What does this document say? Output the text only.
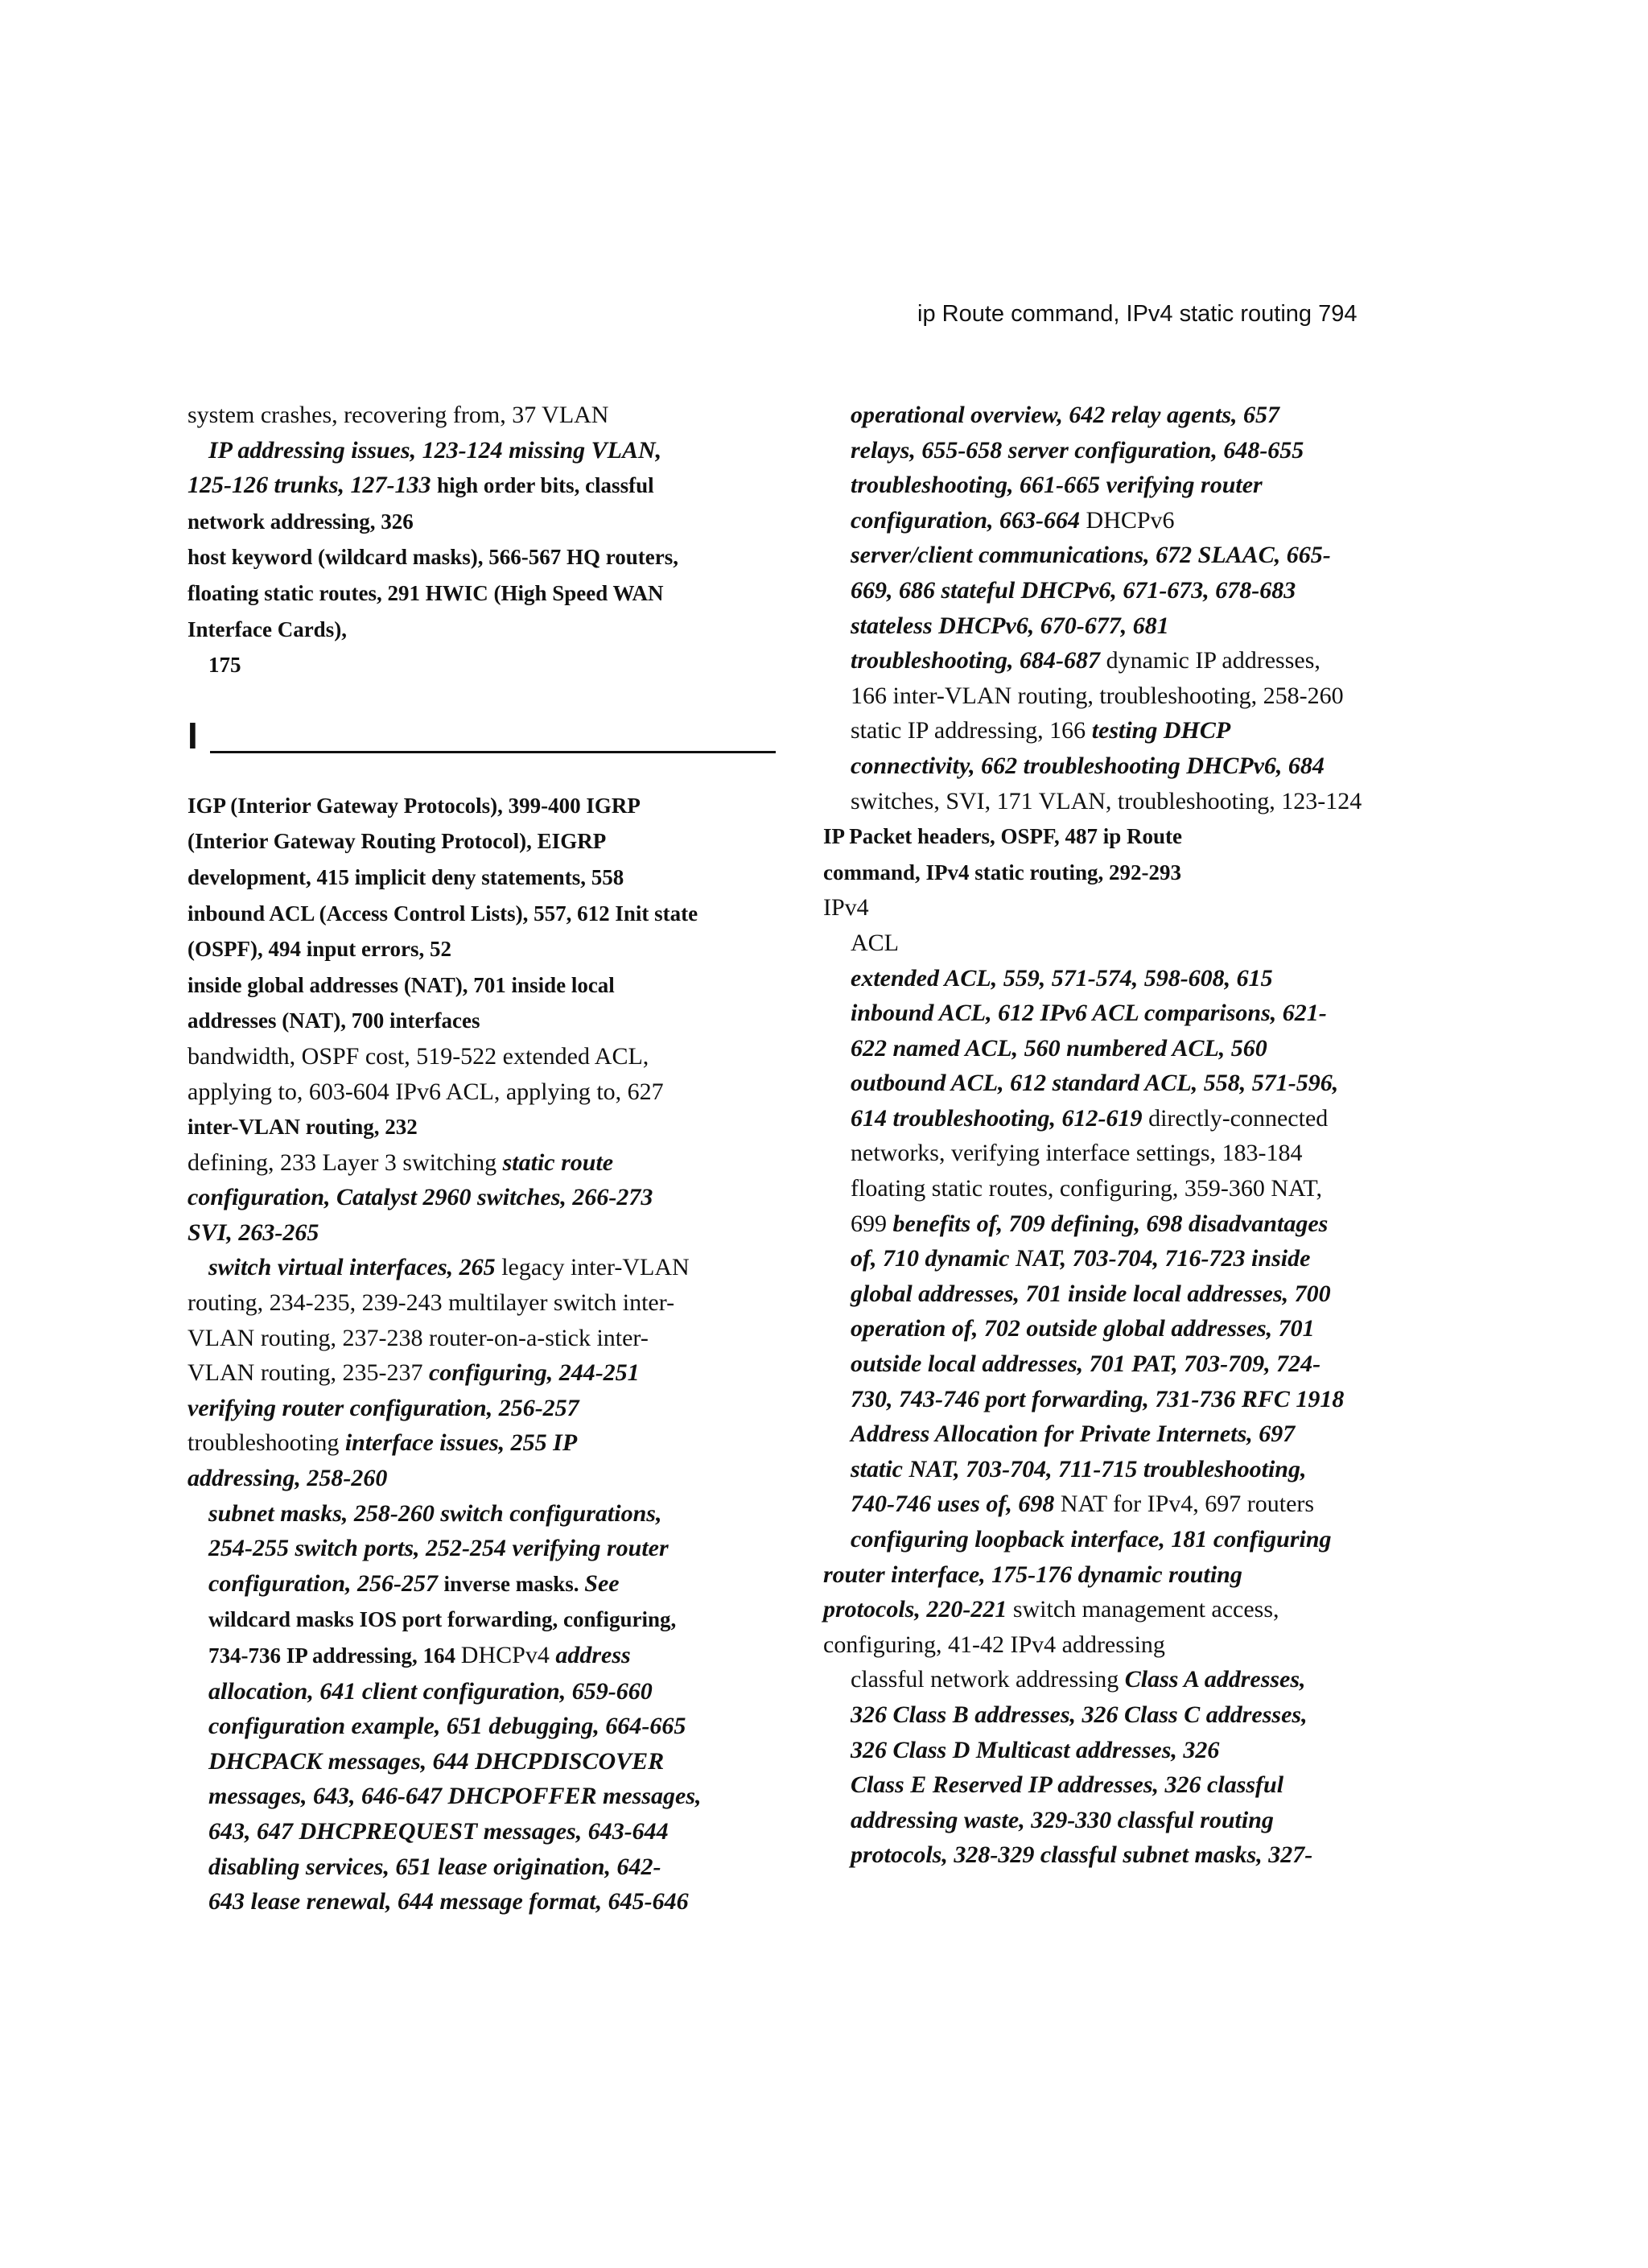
ip Route command, IPv4 static routing 794
system crashes, recovering from, 37 VLAN
IP addressing issues, 123-124 missing VLAN,
125-126 trunks, 127-133 high order bits, classful
network addressing, 326
host keyword (wildcard masks), 566-567 HQ routers,
floating static routes, 291 HWIC (High Speed WAN
Interface Cards),
175
I
IGP (Interior Gateway Protocols), 399-400 IGRP
(Interior Gateway Routing Protocol), EIGRP
development, 415 implicit deny statements, 558
inbound ACL (Access Control Lists), 557, 612 Init state
(OSPF), 494 input errors, 52
inside global addresses (NAT), 701 inside local
addresses (NAT), 700 interfaces
bandwidth, OSPF cost, 519-522 extended ACL,
applying to, 603-604 IPv6 ACL, applying to, 627
inter-VLAN routing, 232
defining, 233 Layer 3 switching static route
configuration, Catalyst 2960 switches, 266-273
SVI, 263-265
switch virtual interfaces, 265 legacy inter-VLAN
routing, 234-235, 239-243 multilayer switch inter-
VLAN routing, 237-238 router-on-a-stick inter-
VLAN routing, 235-237 configuring, 244-251
verifying router configuration, 256-257
troubleshooting interface issues, 255 IP
addressing, 258-260
subnet masks, 258-260 switch configurations,
254-255 switch ports, 252-254 verifying router
configuration, 256-257 inverse masks. See
wildcard masks IOS port forwarding, configuring,
734-736 IP addressing, 164 DHCPv4 address
allocation, 641 client configuration, 659-660
configuration example, 651 debugging, 664-665
DHCPACK messages, 644 DHCPDISCOVER
messages, 643, 646-647 DHCPOFFER messages,
643, 647 DHCPREQUEST messages, 643-644
disabling services, 651 lease origination, 642-
643 lease renewal, 644 message format, 645-646
operational overview, 642 relay agents, 657
relays, 655-658 server configuration, 648-655
troubleshooting, 661-665 verifying router
configuration, 663-664 DHCPv6
server/client communications, 672 SLAAC, 665-
669, 686 stateful DHCPv6, 671-673, 678-683
stateless DHCPv6, 670-677, 681
troubleshooting, 684-687 dynamic IP addresses,
166 inter-VLAN routing, troubleshooting, 258-260
static IP addressing, 166 testing DHCP
connectivity, 662 troubleshooting DHCPv6, 684
switches, SVI, 171 VLAN, troubleshooting, 123-124
IP Packet headers, OSPF, 487 ip Route
command, IPv4 static routing, 292-293
IPv4
ACL
extended ACL, 559, 571-574, 598-608, 615
inbound ACL, 612 IPv6 ACL comparisons, 621-
622 named ACL, 560 numbered ACL, 560
outbound ACL, 612 standard ACL, 558, 571-596,
614 troubleshooting, 612-619 directly-connected
networks, verifying interface settings, 183-184
floating static routes, configuring, 359-360 NAT,
699 benefits of, 709 defining, 698 disadvantages
of, 710 dynamic NAT, 703-704, 716-723 inside
global addresses, 701 inside local addresses, 700
operation of, 702 outside global addresses, 701
outside local addresses, 701 PAT, 703-709, 724-
730, 743-746 port forwarding, 731-736 RFC 1918
Address Allocation for Private Internets, 697
static NAT, 703-704, 711-715 troubleshooting,
740-746 uses of, 698 NAT for IPv4, 697 routers
configuring loopback interface, 181 configuring
router interface, 175-176 dynamic routing
protocols, 220-221 switch management access,
configuring, 41-42 IPv4 addressing
classful network addressing Class A addresses,
326 Class B addresses, 326 Class C addresses,
326 Class D Multicast addresses, 326
Class E Reserved IP addresses, 326 classful
addressing waste, 329-330 classful routing
protocols, 328-329 classful subnet masks, 327-
